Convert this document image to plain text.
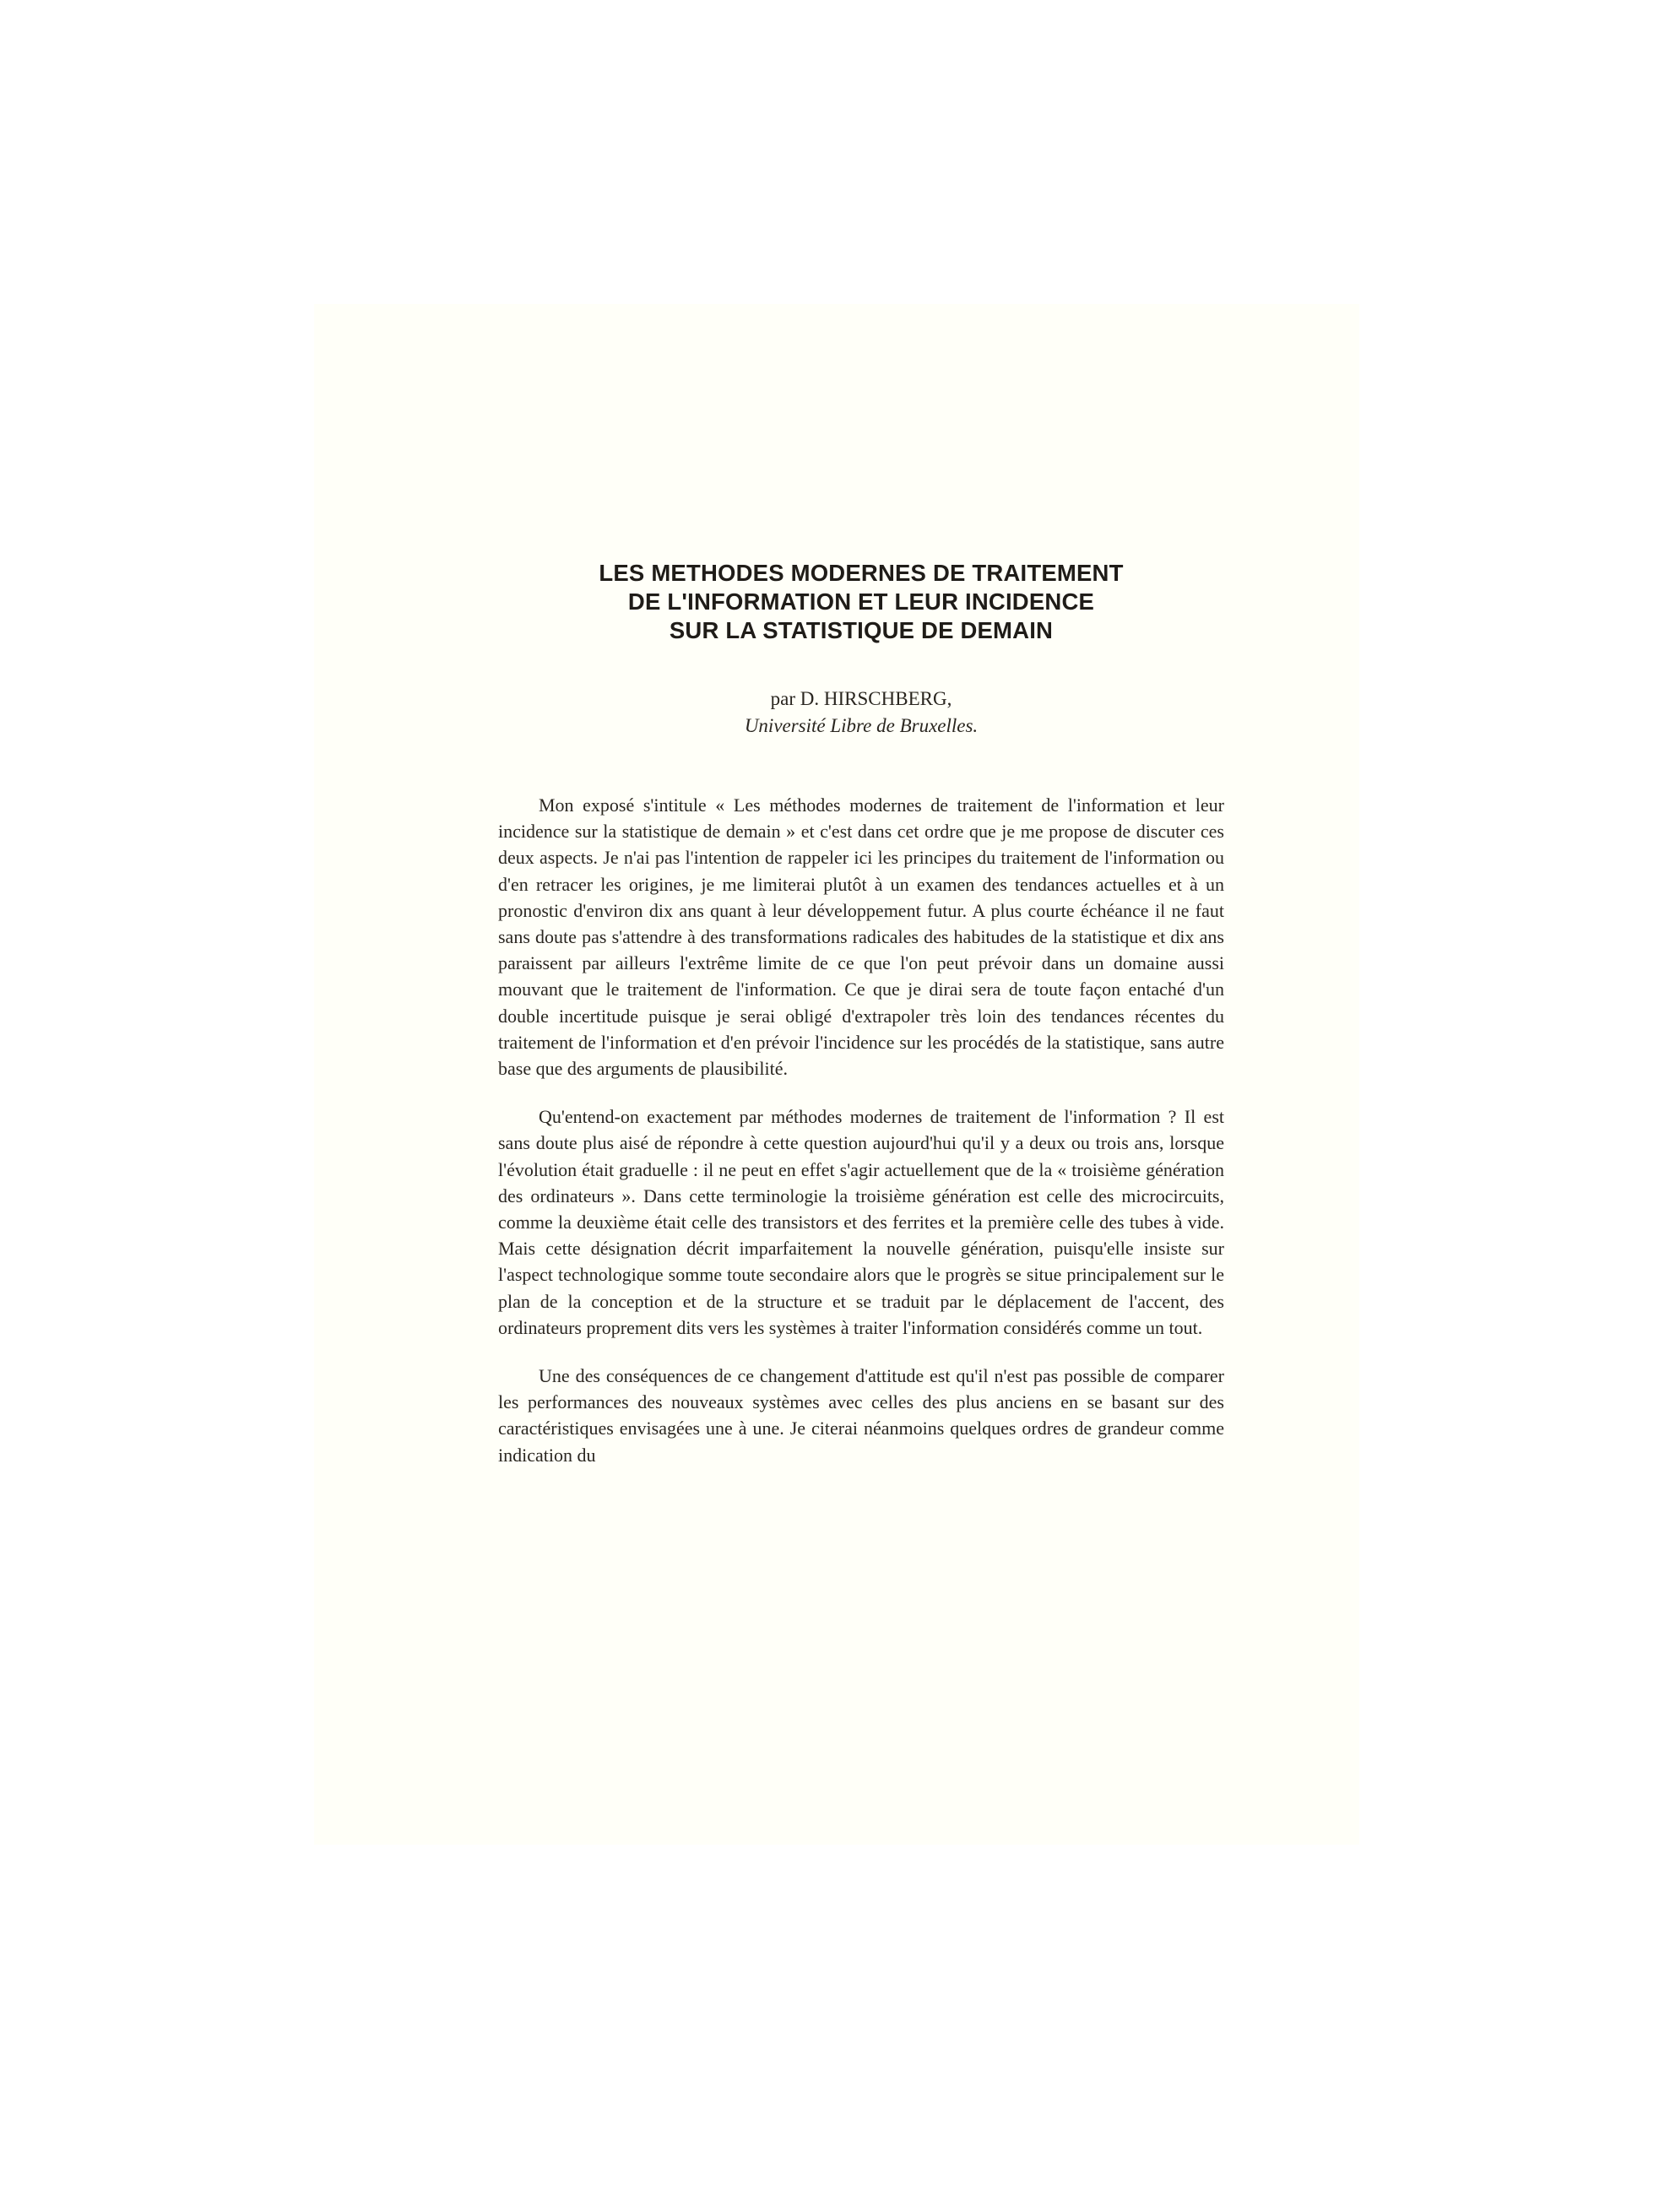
LES METHODES MODERNES DE TRAITEMENT
DE L'INFORMATION ET LEUR INCIDENCE
SUR LA STATISTIQUE DE DEMAIN
par D. HIRSCHBERG,
Université Libre de Bruxelles.

Mon exposé s'intitule « Les méthodes modernes de traitement de l'information et leur incidence sur la statistique de demain » et c'est dans cet ordre que je me propose de discuter ces deux aspects. Je n'ai pas l'intention de rappeler ici les principes du traitement de l'information ou d'en retracer les origines, je me limiterai plutôt à un examen des tendances actuelles et à un pronostic d'environ dix ans quant à leur développement futur. A plus courte échéance il ne faut sans doute pas s'attendre à des transformations radicales des habitudes de la statistique et dix ans paraissent par ailleurs l'extrême limite de ce que l'on peut prévoir dans un domaine aussi mouvant que le traitement de l'information. Ce que je dirai sera de toute façon entaché d'un double incertitude puisque je serai obligé d'extrapoler très loin des tendances récentes du traitement de l'information et d'en prévoir l'incidence sur les procédés de la statistique, sans autre base que des arguments de plausibilité.

Qu'entend-on exactement par méthodes modernes de traitement de l'information ? Il est sans doute plus aisé de répondre à cette question aujourd'hui qu'il y a deux ou trois ans, lorsque l'évolution était graduelle : il ne peut en effet s'agir actuellement que de la « troisième génération des ordinateurs ». Dans cette terminologie la troisième génération est celle des microcircuits, comme la deuxième était celle des transistors et des ferrites et la première celle des tubes à vide. Mais cette désignation décrit imparfaitement la nouvelle génération, puisqu'elle insiste sur l'aspect technologique somme toute secondaire alors que le progrès se situe principalement sur le plan de la conception et de la structure et se traduit par le déplacement de l'accent, des ordinateurs proprement dits vers les systèmes à traiter l'information considérés comme un tout.

Une des conséquences de ce changement d'attitude est qu'il n'est pas possible de comparer les performances des nouveaux systèmes avec celles des plus anciens en se basant sur des caractéristiques envisagées une à une. Je citerai néanmoins quelques ordres de grandeur comme indication du
